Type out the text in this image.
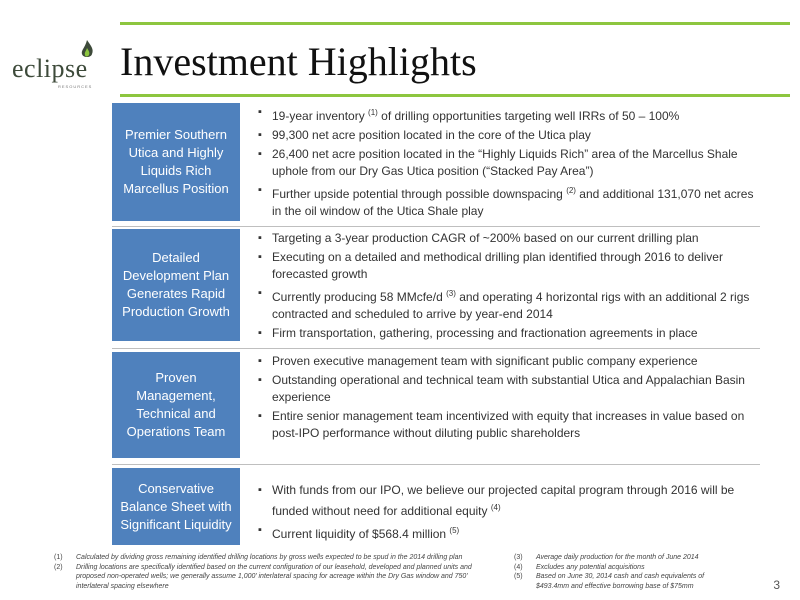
eclipse
RESOURCES
Investment Highlights
Premier Southern Utica and Highly Liquids Rich Marcellus Position
▪ 19-year inventory $^{(1)}$ of drilling opportunities targeting well IRRs of 50 – 100%
▪ 99,300 net acre position located in the core of the Utica play
▪ 26,400 net acre position located in the “Highly Liquids Rich” area of the Marcellus Shale uphole from our Dry Gas Utica position (“Stacked Pay Area”)
▪ Further upside potential through possible downspacing $^{(2)}$ and additional 131,070 net acres in the oil window of the Utica Shale play
Detailed Development Plan Generates Rapid Production Growth
▪ Targeting a 3-year production CAGR of ~200% based on our current drilling plan
▪ Executing on a detailed and methodical drilling plan identified through 2016 to deliver forecasted growth
▪ Currently producing 58 MMcfe/d $^{(3)}$ and operating 4 horizontal rigs with an additional 2 rigs contracted and scheduled to arrive by year-end 2014
▪ Firm transportation, gathering, processing and fractionation agreements in place
Proven Management, Technical and Operations Team
▪ Proven executive management team with significant public company experience
▪ Outstanding operational and technical team with substantial Utica and Appalachian Basin experience
▪ Entire senior management team incentivized with equity that increases in value based on post-IPO performance without diluting public shareholders
Conservative Balance Sheet with Significant Liquidity
▪ With funds from our IPO, we believe our projected capital program through 2016 will be funded without need for additional equity $^{(4)}$
▪ Current liquidity of $568.4 million $^{(5)}$
(1) Calculated by dividing gross remaining identified drilling locations by gross wells expected to be spud in the 2014 drilling plan
(2) Drilling locations are specifically identified based on the current configuration of our leasehold, developed and planned units and proposed non-operated wells; we generally assume 1,000’ interlateral spacing for acreage within the Dry Gas window and 750’ interlateral spacing elsewhere
(3) Average daily production for the month of June 2014
(4) Excludes any potential acquisitions
(5) Based on June 30, 2014 cash and cash equivalents of $493.4mm and effective borrowing base of $75mm	3
